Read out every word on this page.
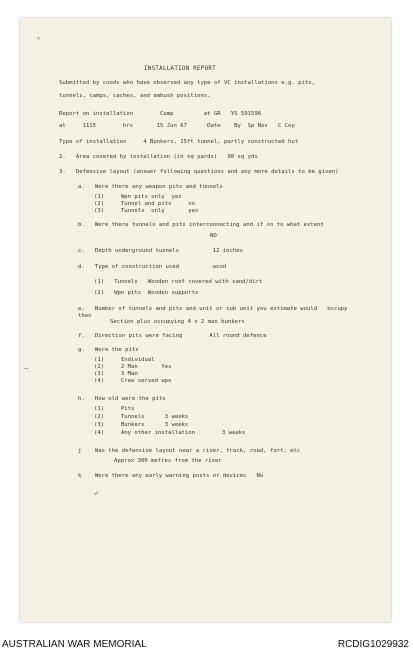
°
~
✐
INSTALLATION REPORT
Submitted by coods who have observed any type of VC installations e.g. pits,
tunnels, camps, caches, and ambush positions.
Report on installation        Camp         at GR   YS 591596
at     1115        hrs       15 Jun 67      Date    By  Sp Nos   C Coy
Type of installation     4 Bunkers, 25ft tunnel, partly constructed hut
2.   Area covered by installation (in sq yards)   90 sq yds
3.   Defensive layout (answer following questions and any more details to be given)
a.   Were there any weapon pits and tunnels
(1)     Wpn pits only  yes
(2)     Tunnel and pits     no
(3)     Tunnels  only       yes
b.   Were there tunnels and pits interconnecting and if so to what extent
NO
c.   Depth underground tunnels          12 inches
d.   Type of construction used          wood
(1)   Tunnels   Wooden roof covered with sand/dirt
(2)   Wpn pits  Wooden supports
e.   Number of tunnels and pits and unit or sub unit you estimate would   occupy
then
Section plus occupying 4 x 2 man bunkers
f.   Direction pits were facing        All round defence
g.   Were the pits
(1)     Individual
(2)     2 Man       Yes
(3)     3 Man
(4)     Crew served wpn
h.   How old were the pits
(1)     Pits
(2)     Tunnels      3 weeks
(3)     Bunkers      3 weeks
(4)     Any other installation        3 weeks
j    Was the defensive layout near a river, track, road, fort, etc
Approx 300 metres from the river
k    Were there any early warning posts or devices   No
AUSTRALIAN WAR MEMORIAL	RCDIG1029932
